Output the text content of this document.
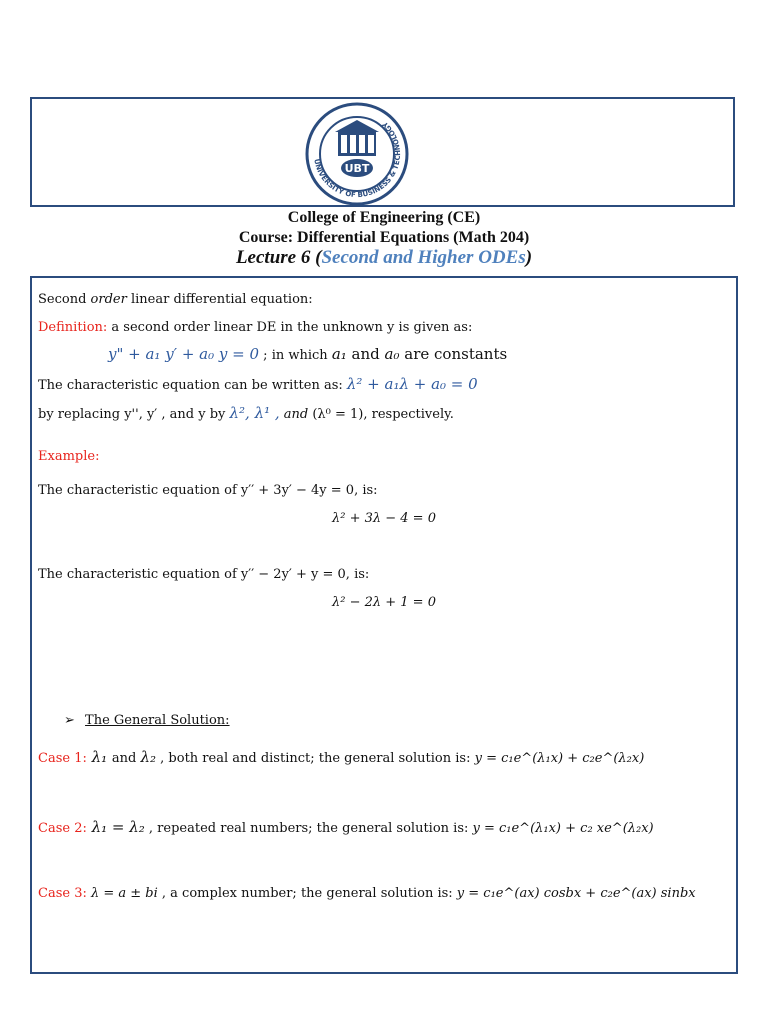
UNIVERSITY OF BUSINESS & TECHNOLOGY
UBT
College of Engineering (CE)
Course: Differential Equations (Math 204)
Lecture 6 (Second and Higher ODEs)
Second order linear differential equation:
Definition: a second order linear DE in the unknown y is given as:
y" + a₁ y′ + a₀ y = 0 ; in which a₁ and a₀ are constants
The characteristic equation can be written as: λ² + a₁λ + a₀ = 0
by replacing y'', y′ , and y by λ², λ¹ , and (λ⁰ = 1), respectively.
Example:
The characteristic equation of y′′ + 3y′ − 4y = 0, is:
λ² + 3λ − 4 = 0
The characteristic equation of y′′ − 2y′ + y = 0, is:
λ² − 2λ + 1 = 0
➢ The General Solution:
Case 1: λ₁ and λ₂ , both real and distinct; the general solution is: y = c₁e^(λ₁x) + c₂e^(λ₂x)
Case 2: λ₁ = λ₂ , repeated real numbers; the general solution is: y = c₁e^(λ₁x) + c₂ xe^(λ₂x)
Case 3: λ = a ± bi , a complex number; the general solution is: y = c₁e^(ax) cosbx + c₂e^(ax) sinbx
